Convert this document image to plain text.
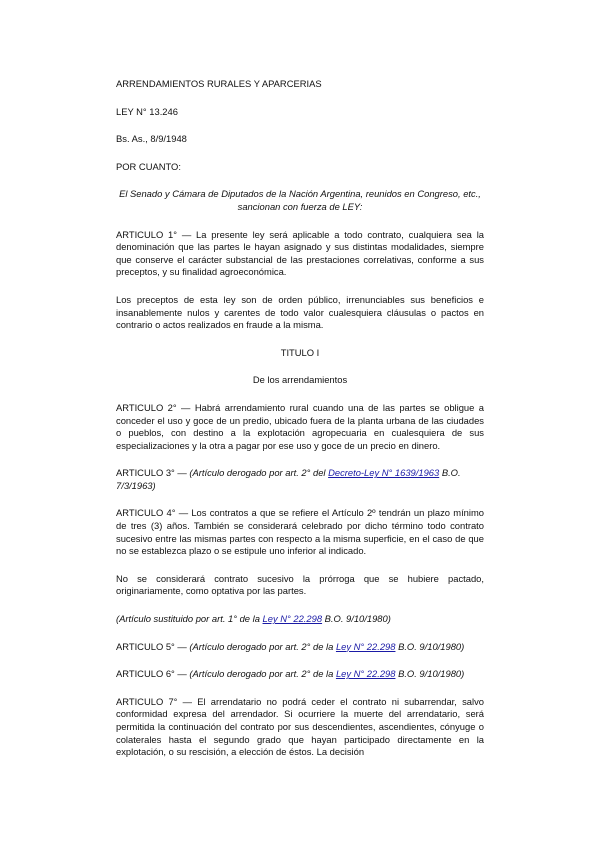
ARRENDAMIENTOS RURALES Y APARCERIAS

LEY N° 13.246

Bs. As., 8/9/1948

POR CUANTO:

El Senado y Cámara de Diputados de la Nación Argentina, reunidos en Congreso, etc., sancionan con fuerza de LEY:

ARTICULO 1° — La presente ley será aplicable a todo contrato, cualquiera sea la denominación que las partes le hayan asignado y sus distintas modalidades, siempre que conserve el carácter substancial de las prestaciones correlativas, conforme a sus preceptos, y su finalidad agroeconómica.

Los preceptos de esta ley son de orden público, irrenunciables sus beneficios e insanablemente nulos y carentes de todo valor cualesquiera cláusulas o pactos en contrario o actos realizados en fraude a la misma.

TITULO I

De los arrendamientos

ARTICULO 2° — Habrá arrendamiento rural cuando una de las partes se obligue a conceder el uso y goce de un predio, ubicado fuera de la planta urbana de las ciudades o pueblos, con destino a la explotación agropecuaria en cualesquiera de sus especializaciones y la otra a pagar por ese uso y goce de un precio en dinero.

ARTICULO 3° — (Artículo derogado por art. 2° del Decreto-Ley N° 1639/1963 B.O. 7/3/1963)

ARTICULO 4° — Los contratos a que se refiere el Artículo 2º tendrán un plazo mínimo de tres (3) años. También se considerará celebrado por dicho término todo contrato sucesivo entre las mismas partes con respecto a la misma superficie, en el caso de que no se establezca plazo o se estipule uno inferior al indicado.

No se considerará contrato sucesivo la prórroga que se hubiere pactado, originariamente, como optativa por las partes.

(Artículo sustituido por art. 1° de la Ley N° 22.298 B.O. 9/10/1980)

ARTICULO 5° — (Artículo derogado por art. 2° de la Ley N° 22.298 B.O. 9/10/1980)

ARTICULO 6° — (Artículo derogado por art. 2° de la Ley N° 22.298 B.O. 9/10/1980)

ARTICULO 7° — El arrendatario no podrá ceder el contrato ni subarrendar, salvo conformidad expresa del arrendador. Si ocurriere la muerte del arrendatario, será permitida la continuación del contrato por sus descendientes, ascendientes, cónyuge o colaterales hasta el segundo grado que hayan participado directamente en la explotación, o su rescisión, a elección de éstos. La decisión
